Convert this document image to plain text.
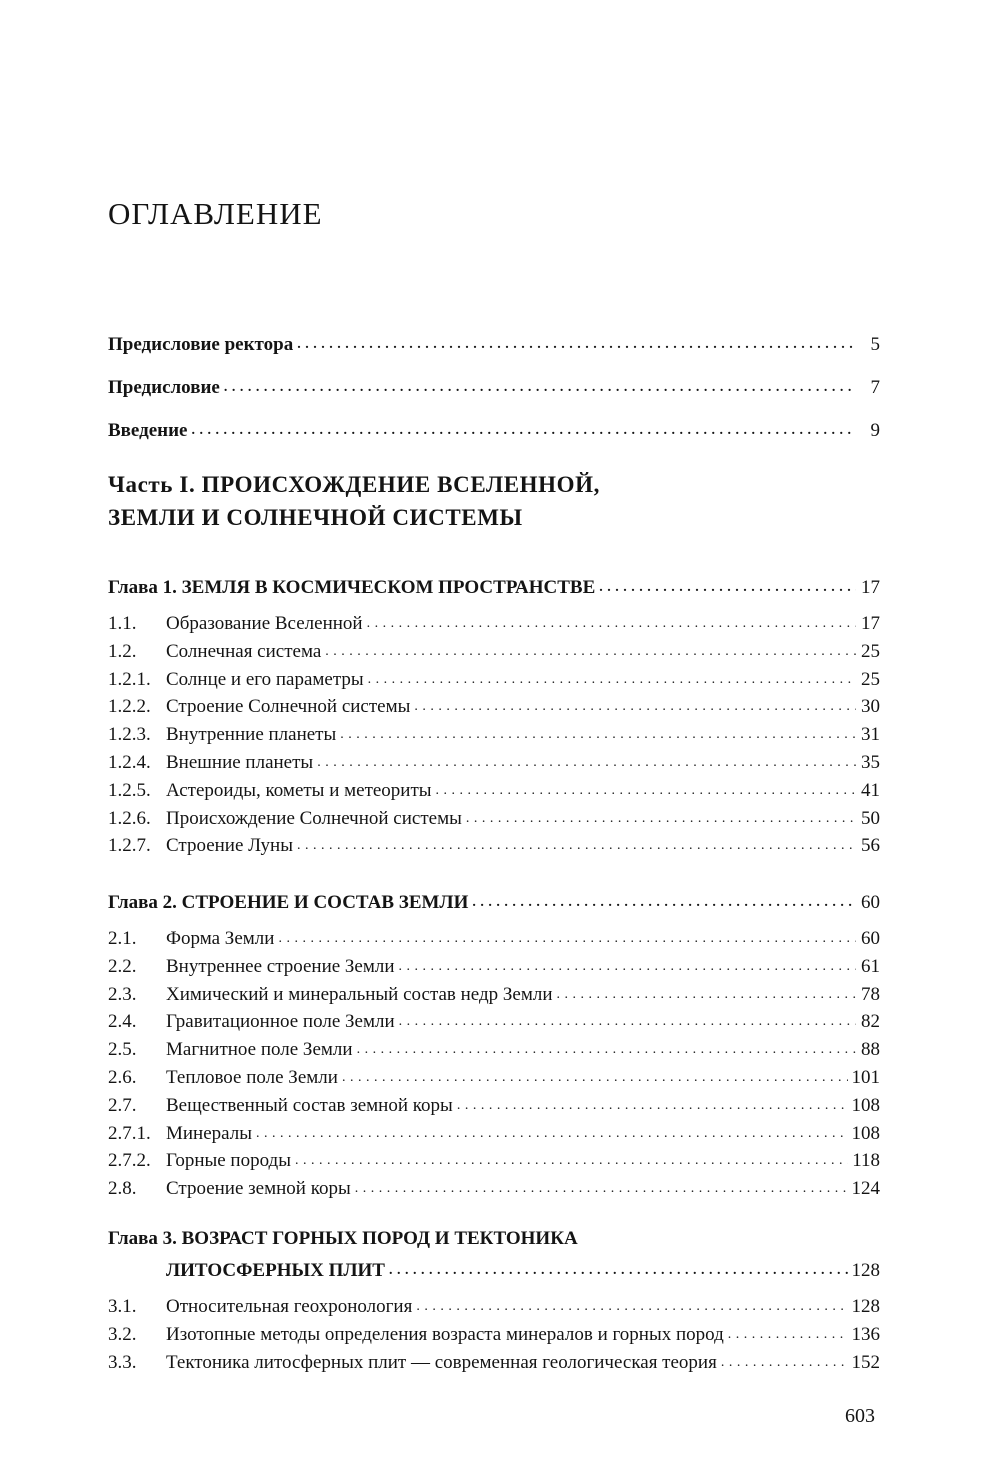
ОГЛАВЛЕНИЕ
Предисловие ректора . . .	5
Предисловие . . .	7
Введение . . .	9
Часть I. ПРОИСХОЖДЕНИЕ ВСЕЛЕННОЙ,
ЗЕМЛИ И СОЛНЕЧНОЙ СИСТЕМЫ
Глава 1. ЗЕМЛЯ В КОСМИЧЕСКОМ ПРОСТРАНСТВЕ . . .	17
1.1.	Образование Вселенной . . .	17
1.2.	Солнечная система . . .	25
1.2.1. Солнце и его параметры . . .	25
1.2.2. Строение Солнечной системы . . .	30
1.2.3. Внутренние планеты . . .	31
1.2.4. Внешние планеты . . .	35
1.2.5. Астероиды, кометы и метеориты . . .	41
1.2.6. Происхождение Солнечной системы . . .	50
1.2.7. Строение Луны . . .	56
Глава 2. СТРОЕНИЕ И СОСТАВ ЗЕМЛИ . . .	60
2.1.	Форма Земли . . .	60
2.2.	Внутреннее строение Земли . . .	61
2.3.	Химический и минеральный состав недр Земли . . .	78
2.4.	Гравитационное поле Земли . . .	82
2.5.	Магнитное поле Земли . . .	88
2.6.	Тепловое поле Земли . . .	101
2.7.	Вещественный состав земной коры . . .	108
2.7.1. Минералы . . .	108
2.7.2. Горные породы . . .	118
2.8.	Строение земной коры . . .	124
Глава 3. ВОЗРАСТ ГОРНЫХ ПОРОД И ТЕКТОНИКА
ЛИТОСФЕРНЫХ ПЛИТ . . .	128
3.1.	Относительная геохронология . . .	128
3.2.	Изотопные методы определения возраста минералов и горных пород . . .	136
3.3.	Тектоника литосферных плит — современная геологическая теория . . .	152
603
